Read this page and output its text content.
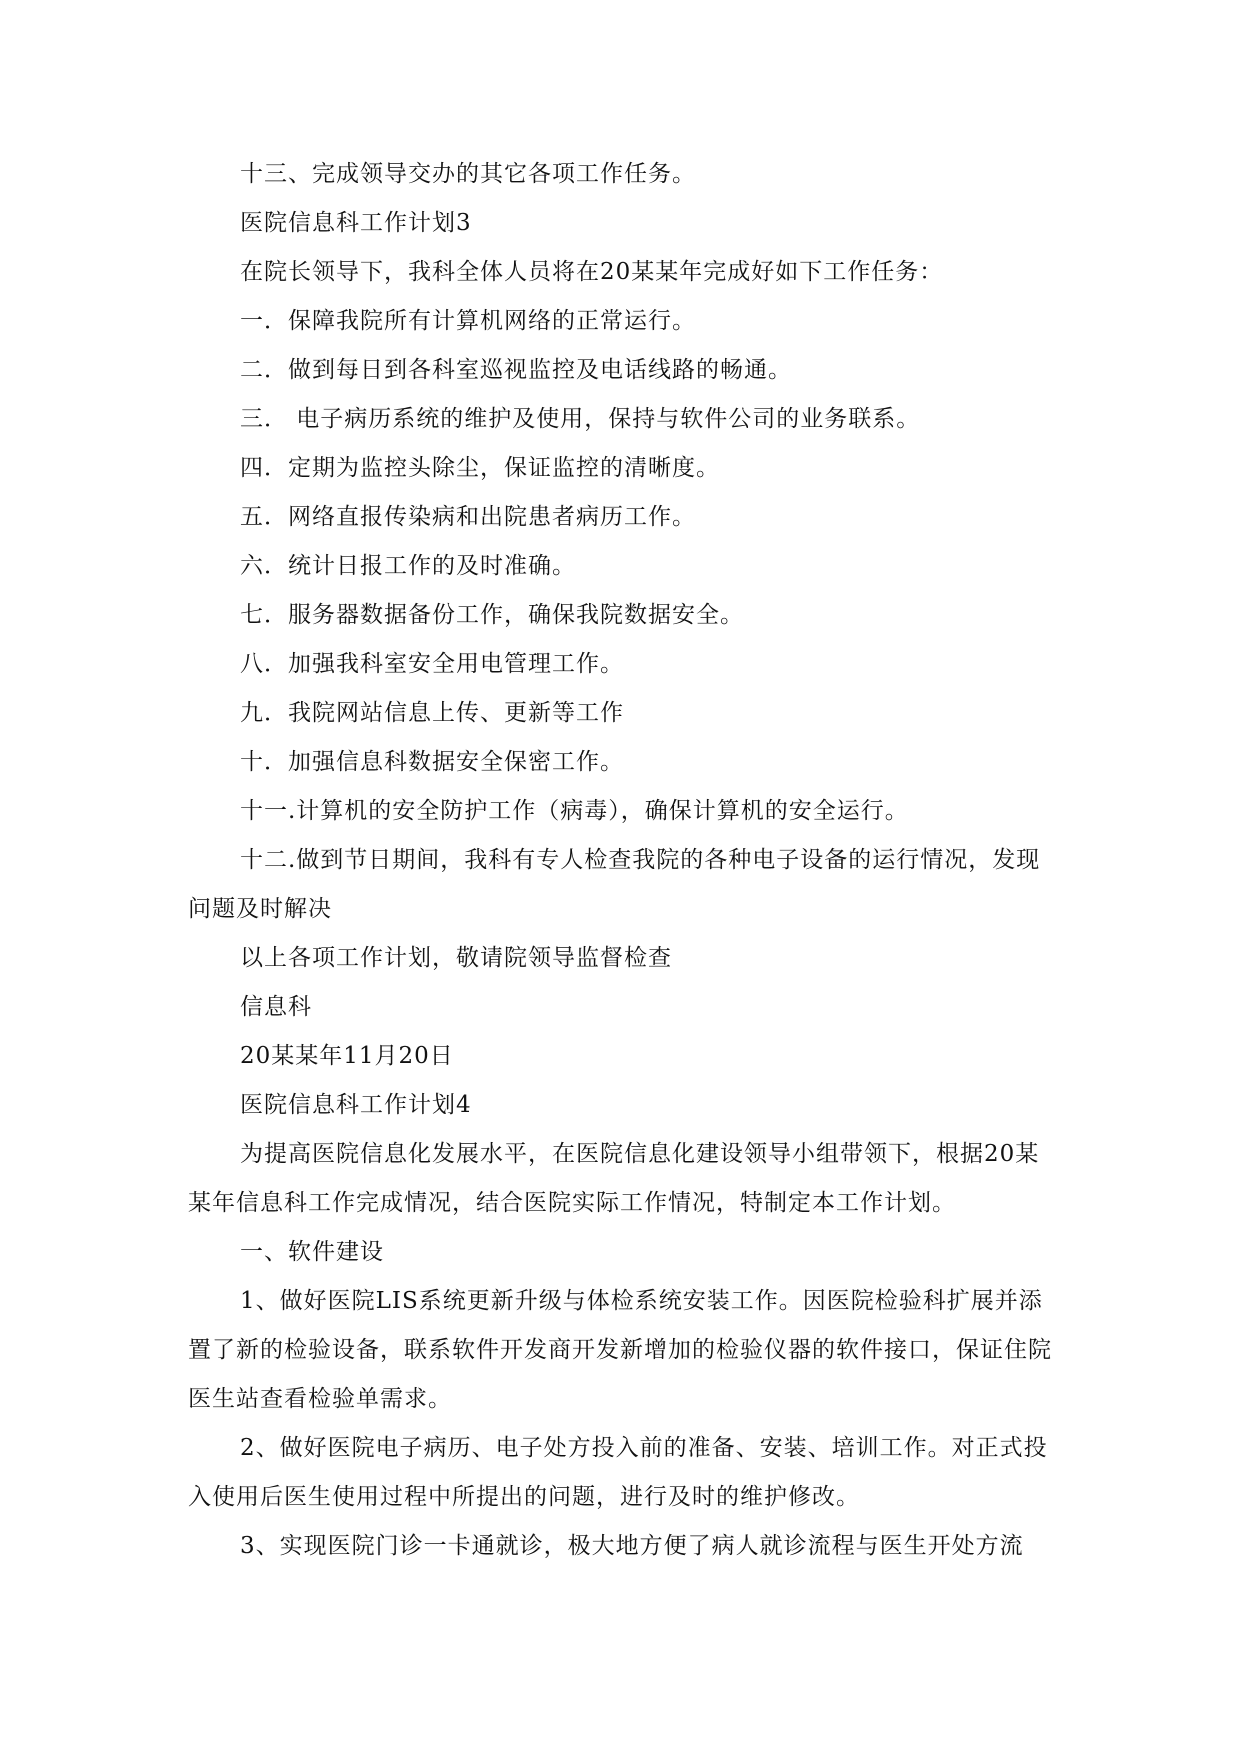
十三、完成领导交办的其它各项工作任务。

医院信息科工作计划3

在院长领导下，我科全体人员将在20某某年完成好如下工作任务：

一．保障我院所有计算机网络的正常运行。

二．做到每日到各科室巡视监控及电话线路的畅通。

三． 电子病历系统的维护及使用，保持与软件公司的业务联系。

四．定期为监控头除尘，保证监控的清晰度。

五．网络直报传染病和出院患者病历工作。

六．统计日报工作的及时准确。

七．服务器数据备份工作，确保我院数据安全。

八．加强我科室安全用电管理工作。

九．我院网站信息上传、更新等工作

十．加强信息科数据安全保密工作。

十一.计算机的安全防护工作（病毒），确保计算机的安全运行。

十二.做到节日期间，我科有专人检查我院的各种电子设备的运行情况，发现问题及时解决

以上各项工作计划，敬请院领导监督检查

信息科

20某某年11月20日

医院信息科工作计划4

为提高医院信息化发展水平，在医院信息化建设领导小组带领下，根据20某某年信息科工作完成情况，结合医院实际工作情况，特制定本工作计划。

一、软件建设

1、做好医院LIS系统更新升级与体检系统安装工作。因医院检验科扩展并添置了新的检验设备，联系软件开发商开发新增加的检验仪器的软件接口，保证住院医生站查看检验单需求。

2、做好医院电子病历、电子处方投入前的准备、安装、培训工作。对正式投入使用后医生使用过程中所提出的问题，进行及时的维护修改。

3、实现医院门诊一卡通就诊，极大地方便了病人就诊流程与医生开处方流
